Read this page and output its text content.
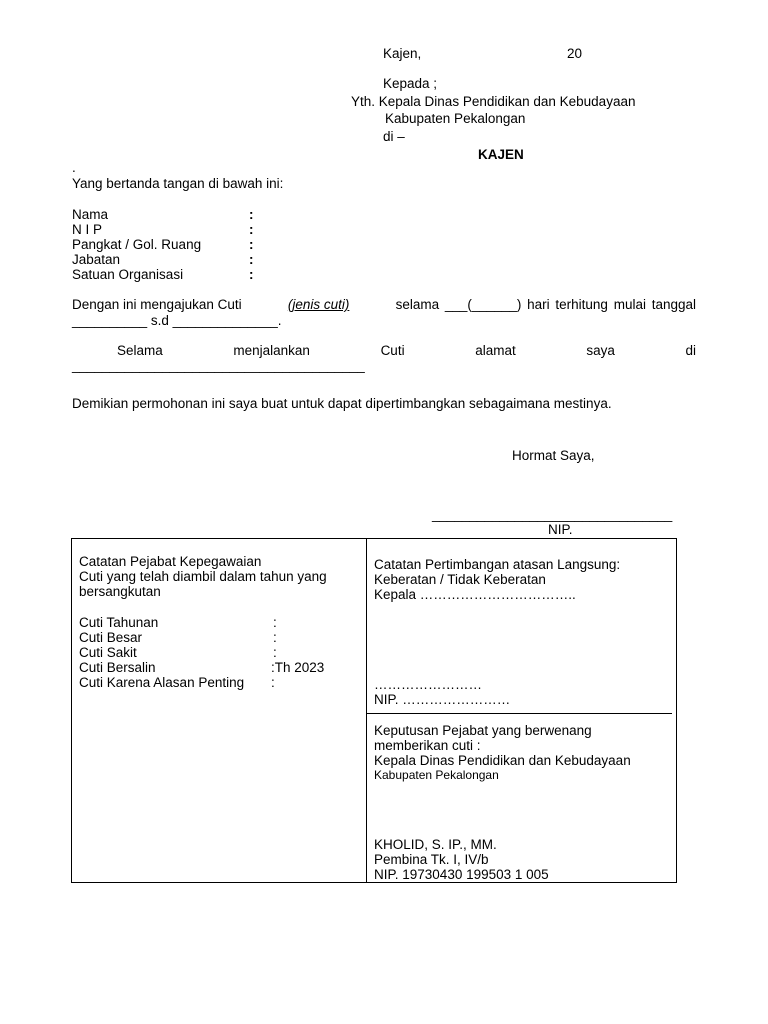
Kajen,	20
Kepada ;
Yth. Kepala Dinas Pendidikan dan Kebudayaan
Kabupaten Pekalongan
di –
KAJEN
.
Yang bertanda tangan di bawah ini:
Nama	:
N I P	:
Pangkat / Gol. Ruang	:
Jabatan	:
Satuan Organisasi	:
Dengan ini mengajukan Cuti	(jenis cuti)	selama ___(______) hari terhitung mulai tanggal
__________ s.d ______________.
Selama	menjalankan	Cuti	alamat	saya	di
_______________________________________
Demikian permohonan ini saya buat untuk dapat dipertimbangkan sebagaimana mestinya.
Hormat Saya,
________________________________
NIP.
Catatan Pejabat Kepegawaian
Cuti yang telah diambil dalam tahun yang
bersangkutan
Cuti Tahunan	:
Cuti Besar	:
Cuti Sakit	:
Cuti Bersalin	:Th 2023
Cuti Karena Alasan Penting :
Catatan Pertimbangan atasan Langsung:
Keberatan / Tidak Keberatan
Kepala ……………………………..
……………………
NIP. ……………………
Keputusan Pejabat yang berwenang
memberikan cuti :
Kepala Dinas Pendidikan dan Kebudayaan
Kabupaten Pekalongan
KHOLID, S. IP., MM.
Pembina Tk. I, IV/b
NIP. 19730430 199503 1 005
